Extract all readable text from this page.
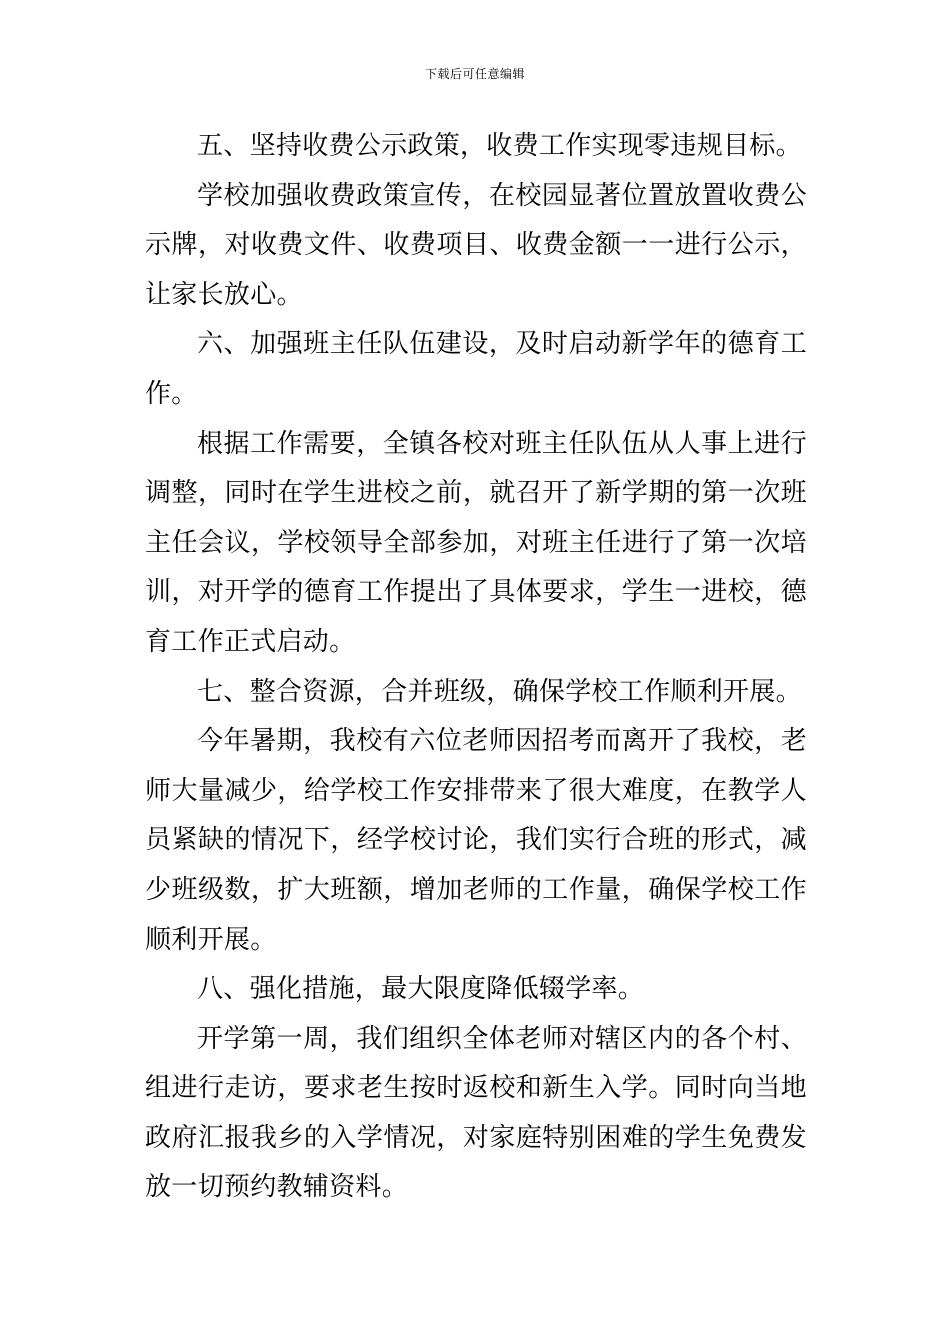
下载后可任意编辑

五、坚持收费公示政策，收费工作实现零违规目标。

学校加强收费政策宣传，在校园显著位置放置收费公示牌，对收费文件、收费项目、收费金额一一进行公示，让家长放心。

六、加强班主任队伍建设，及时启动新学年的德育工作。

根据工作需要，全镇各校对班主任队伍从人事上进行调整，同时在学生进校之前，就召开了新学期的第一次班主任会议，学校领导全部参加，对班主任进行了第一次培训，对开学的德育工作提出了具体要求，学生一进校，德育工作正式启动。

七、整合资源，合并班级，确保学校工作顺利开展。

今年暑期，我校有六位老师因招考而离开了我校，老师大量减少，给学校工作安排带来了很大难度，在教学人员紧缺的情况下，经学校讨论，我们实行合班的形式，减少班级数，扩大班额，增加老师的工作量，确保学校工作顺利开展。

八、强化措施，最大限度降低辍学率。

开学第一周，我们组织全体老师对辖区内的各个村、组进行走访，要求老生按时返校和新生入学。同时向当地政府汇报我乡的入学情况，对家庭特别困难的学生免费发放一切预约教辅资料。
